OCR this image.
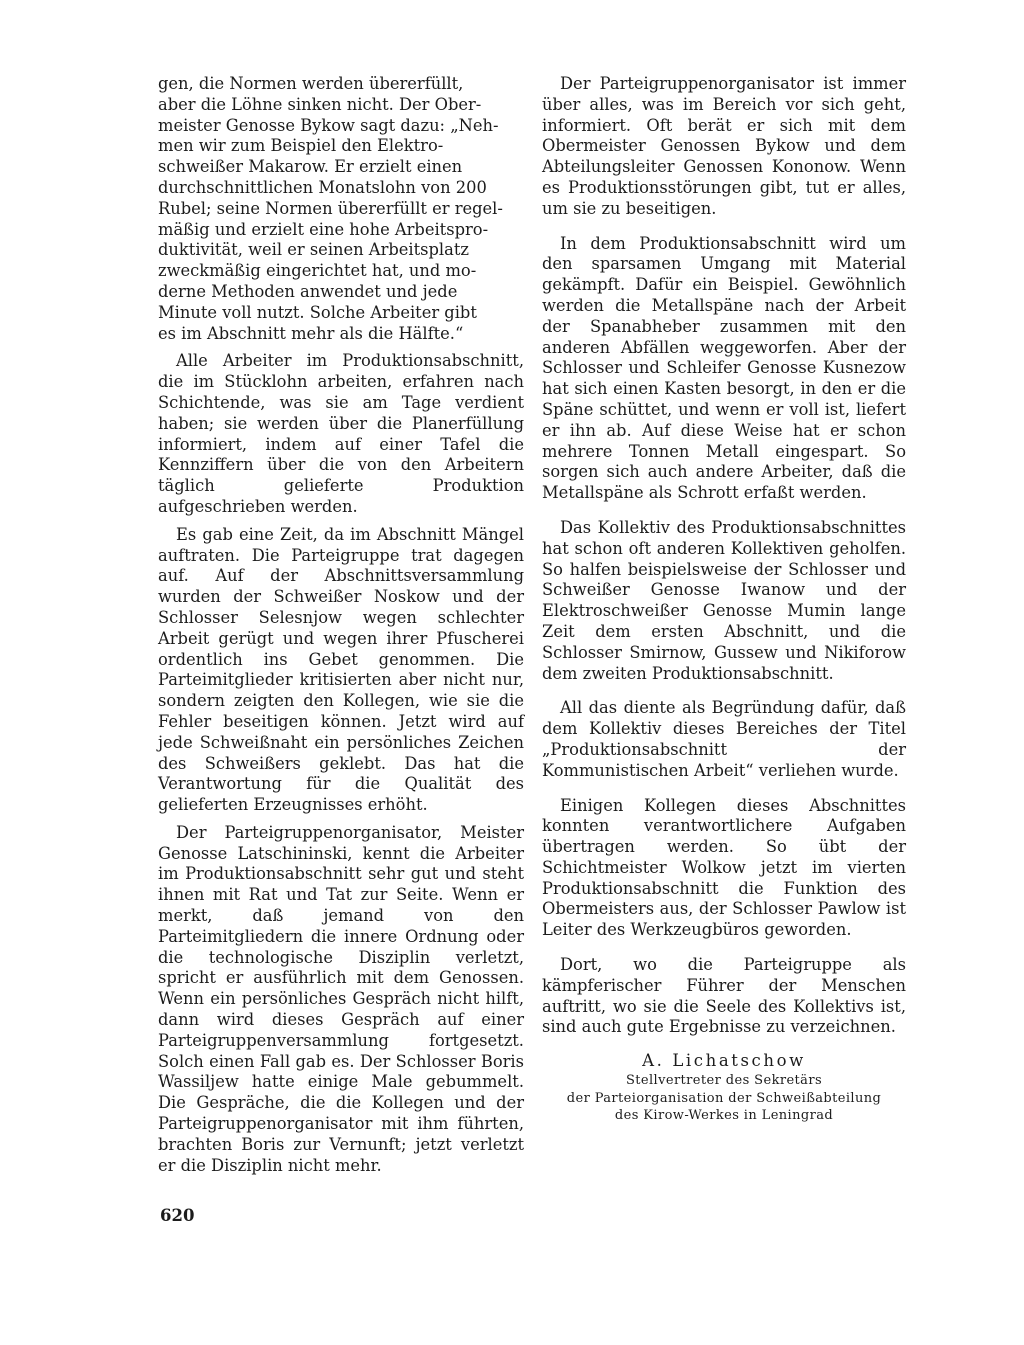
gen, die Normen werden übererfüllt,
aber die Löhne sinken nicht. Der Ober-
meister Genosse Bykow sagt dazu: „Neh-
men wir zum Beispiel den Elektro-
schweißer Makarow. Er erzielt einen
durchschnittlichen Monatslohn von 200
Rubel; seine Normen übererfüllt er regel-
mäßig und erzielt eine hohe Arbeitspro-
duktivität, weil er seinen Arbeitsplatz
zweckmäßig eingerichtet hat, und mo-
derne Methoden anwendet und jede
Minute voll nutzt. Solche Arbeiter gibt
es im Abschnitt mehr als die Hälfte.“

Alle Arbeiter im Produktionsabschnitt, die im Stücklohn arbeiten, erfahren nach Schichtende, was sie am Tage verdient haben; sie werden über die Planerfüllung informiert, indem auf einer Tafel die Kennziffern über die von den Arbeitern täglich gelieferte Produktion aufgeschrieben werden.

Es gab eine Zeit, da im Abschnitt Mängel auftraten. Die Parteigruppe trat dagegen auf. Auf der Abschnittsversammlung wurden der Schweißer Noskow und der Schlosser Selesnjow wegen schlechter Arbeit gerügt und wegen ihrer Pfuscherei ordentlich ins Gebet genommen. Die Parteimitglieder kritisierten aber nicht nur, sondern zeigten den Kollegen, wie sie die Fehler beseitigen können. Jetzt wird auf jede Schweißnaht ein persönliches Zeichen des Schweißers geklebt. Das hat die Verantwortung für die Qualität des gelieferten Erzeugnisses erhöht.

Der Parteigruppenorganisator, Meister Genosse Latschininski, kennt die Arbeiter im Produktionsabschnitt sehr gut und steht ihnen mit Rat und Tat zur Seite. Wenn er merkt, daß jemand von den Parteimitgliedern die innere Ordnung oder die technologische Disziplin verletzt, spricht er ausführlich mit dem Genossen. Wenn ein persönliches Gespräch nicht hilft, dann wird dieses Gespräch auf einer Parteigruppenversammlung fortgesetzt. Solch einen Fall gab es. Der Schlosser Boris Wassiljew hatte einige Male gebummelt. Die Gespräche, die die Kollegen und der Parteigruppenorganisator mit ihm führten, brachten Boris zur Vernunft; jetzt verletzt er die Disziplin nicht mehr.

Der Parteigruppenorganisator ist immer über alles, was im Bereich vor sich geht, informiert. Oft berät er sich mit dem Obermeister Genossen Bykow und dem Abteilungsleiter Genossen Kononow. Wenn es Produktionsstörungen gibt, tut er alles, um sie zu beseitigen.

In dem Produktionsabschnitt wird um den sparsamen Umgang mit Material gekämpft. Dafür ein Beispiel. Gewöhnlich werden die Metallspäne nach der Arbeit der Spanabheber zusammen mit den anderen Abfällen weggeworfen. Aber der Schlosser und Schleifer Genosse Kusnezow hat sich einen Kasten besorgt, in den er die Späne schüttet, und wenn er voll ist, liefert er ihn ab. Auf diese Weise hat er schon mehrere Tonnen Metall eingespart. So sorgen sich auch andere Arbeiter, daß die Metallspäne als Schrott erfaßt werden.

Das Kollektiv des Produktionsabschnittes hat schon oft anderen Kollektiven geholfen. So halfen beispielsweise der Schlosser und Schweißer Genosse Iwanow und der Elektroschweißer Genosse Mumin lange Zeit dem ersten Abschnitt, und die Schlosser Smirnow, Gussew und Nikiforow dem zweiten Produktionsabschnitt.

All das diente als Begründung dafür, daß dem Kollektiv dieses Bereiches der Titel „Produktionsabschnitt der Kommunistischen Arbeit“ verliehen wurde.

Einigen Kollegen dieses Abschnittes konnten verantwortlichere Aufgaben übertragen werden. So übt der Schichtmeister Wolkow jetzt im vierten Produktionsabschnitt die Funktion des Obermeisters aus, der Schlosser Pawlow ist Leiter des Werkzeugbüros geworden.

Dort, wo die Parteigruppe als kämpferischer Führer der Menschen auftritt, wo sie die Seele des Kollektivs ist, sind auch gute Ergebnisse zu verzeichnen.

A. Lichatschow
Stellvertreter des Sekretärs
der Parteiorganisation der Schweißabteilung
des Kirow-Werkes in Leningrad
620
